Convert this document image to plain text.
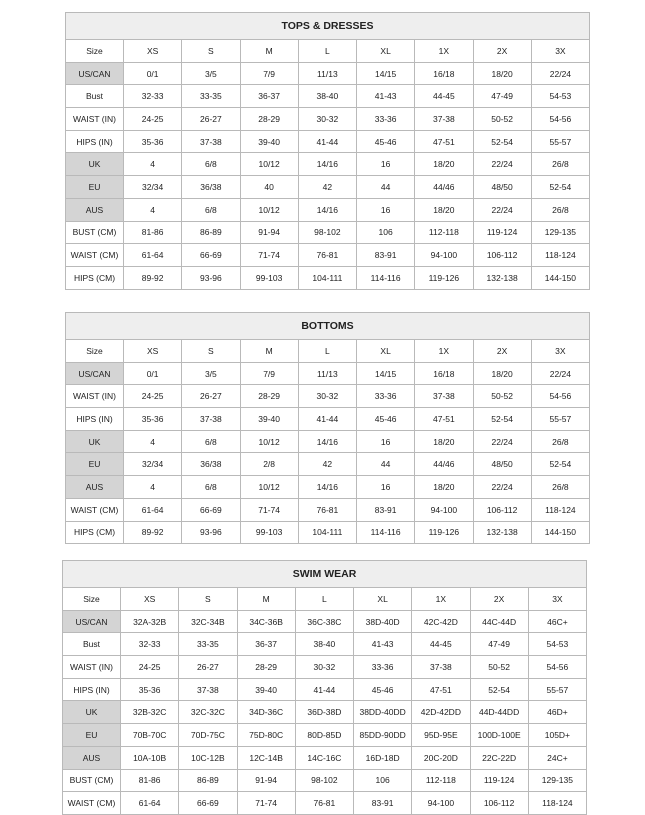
TOPS & DRESSES								
Size	XS	S	M	L	XL	1X	2X	3X
US/CAN	0/1	3/5	7/9	11/13	14/15	16/18	18/20	22/24
Bust	32-33	33-35	36-37	38-40	41-43	44-45	47-49	54-53
WAIST (IN)	24-25	26-27	28-29	30-32	33-36	37-38	50-52	54-56
HIPS (IN)	35-36	37-38	39-40	41-44	45-46	47-51	52-54	55-57
UK	4	6/8	10/12	14/16	16	18/20	22/24	26/8
EU	32/34	36/38	40	42	44	44/46	48/50	52-54
AUS	4	6/8	10/12	14/16	16	18/20	22/24	26/8
BUST (CM)	81-86	86-89	91-94	98-102	106	112-118	119-124	129-135
WAIST (CM)	61-64	66-69	71-74	76-81	83-91	94-100	106-112	118-124
HIPS (CM)	89-92	93-96	99-103	104-111	114-116	119-126	132-138	144-150
BOTTOMS								
Size	XS	S	M	L	XL	1X	2X	3X
US/CAN	0/1	3/5	7/9	11/13	14/15	16/18	18/20	22/24
WAIST (IN)	24-25	26-27	28-29	30-32	33-36	37-38	50-52	54-56
HIPS (IN)	35-36	37-38	39-40	41-44	45-46	47-51	52-54	55-57
UK	4	6/8	10/12	14/16	16	18/20	22/24	26/8
EU	32/34	36/38	2/8	42	44	44/46	48/50	52-54
AUS	4	6/8	10/12	14/16	16	18/20	22/24	26/8
WAIST (CM)	61-64	66-69	71-74	76-81	83-91	94-100	106-112	118-124
HIPS (CM)	89-92	93-96	99-103	104-111	114-116	119-126	132-138	144-150
SWIM WEAR								
Size	XS	S	M	L	XL	1X	2X	3X
US/CAN	32A-32B	32C-34B	34C-36B	36C-38C	38D-40D	42C-42D	44C-44D	46C+
Bust	32-33	33-35	36-37	38-40	41-43	44-45	47-49	54-53
WAIST (IN)	24-25	26-27	28-29	30-32	33-36	37-38	50-52	54-56
HIPS (IN)	35-36	37-38	39-40	41-44	45-46	47-51	52-54	55-57
UK	32B-32C	32C-32C	34D-36C	36D-38D	38DD-40DD	42D-42DD	44D-44DD	46D+
EU	70B-70C	70D-75C	75D-80C	80D-85D	85DD-90DD	95D-95E	100D-100E	105D+
AUS	10A-10B	10C-12B	12C-14B	14C-16C	16D-18D	20C-20D	22C-22D	24C+
BUST (CM)	81-86	86-89	91-94	98-102	106	112-118	119-124	129-135
WAIST (CM)	61-64	66-69	71-74	76-81	83-91	94-100	106-112	118-124
